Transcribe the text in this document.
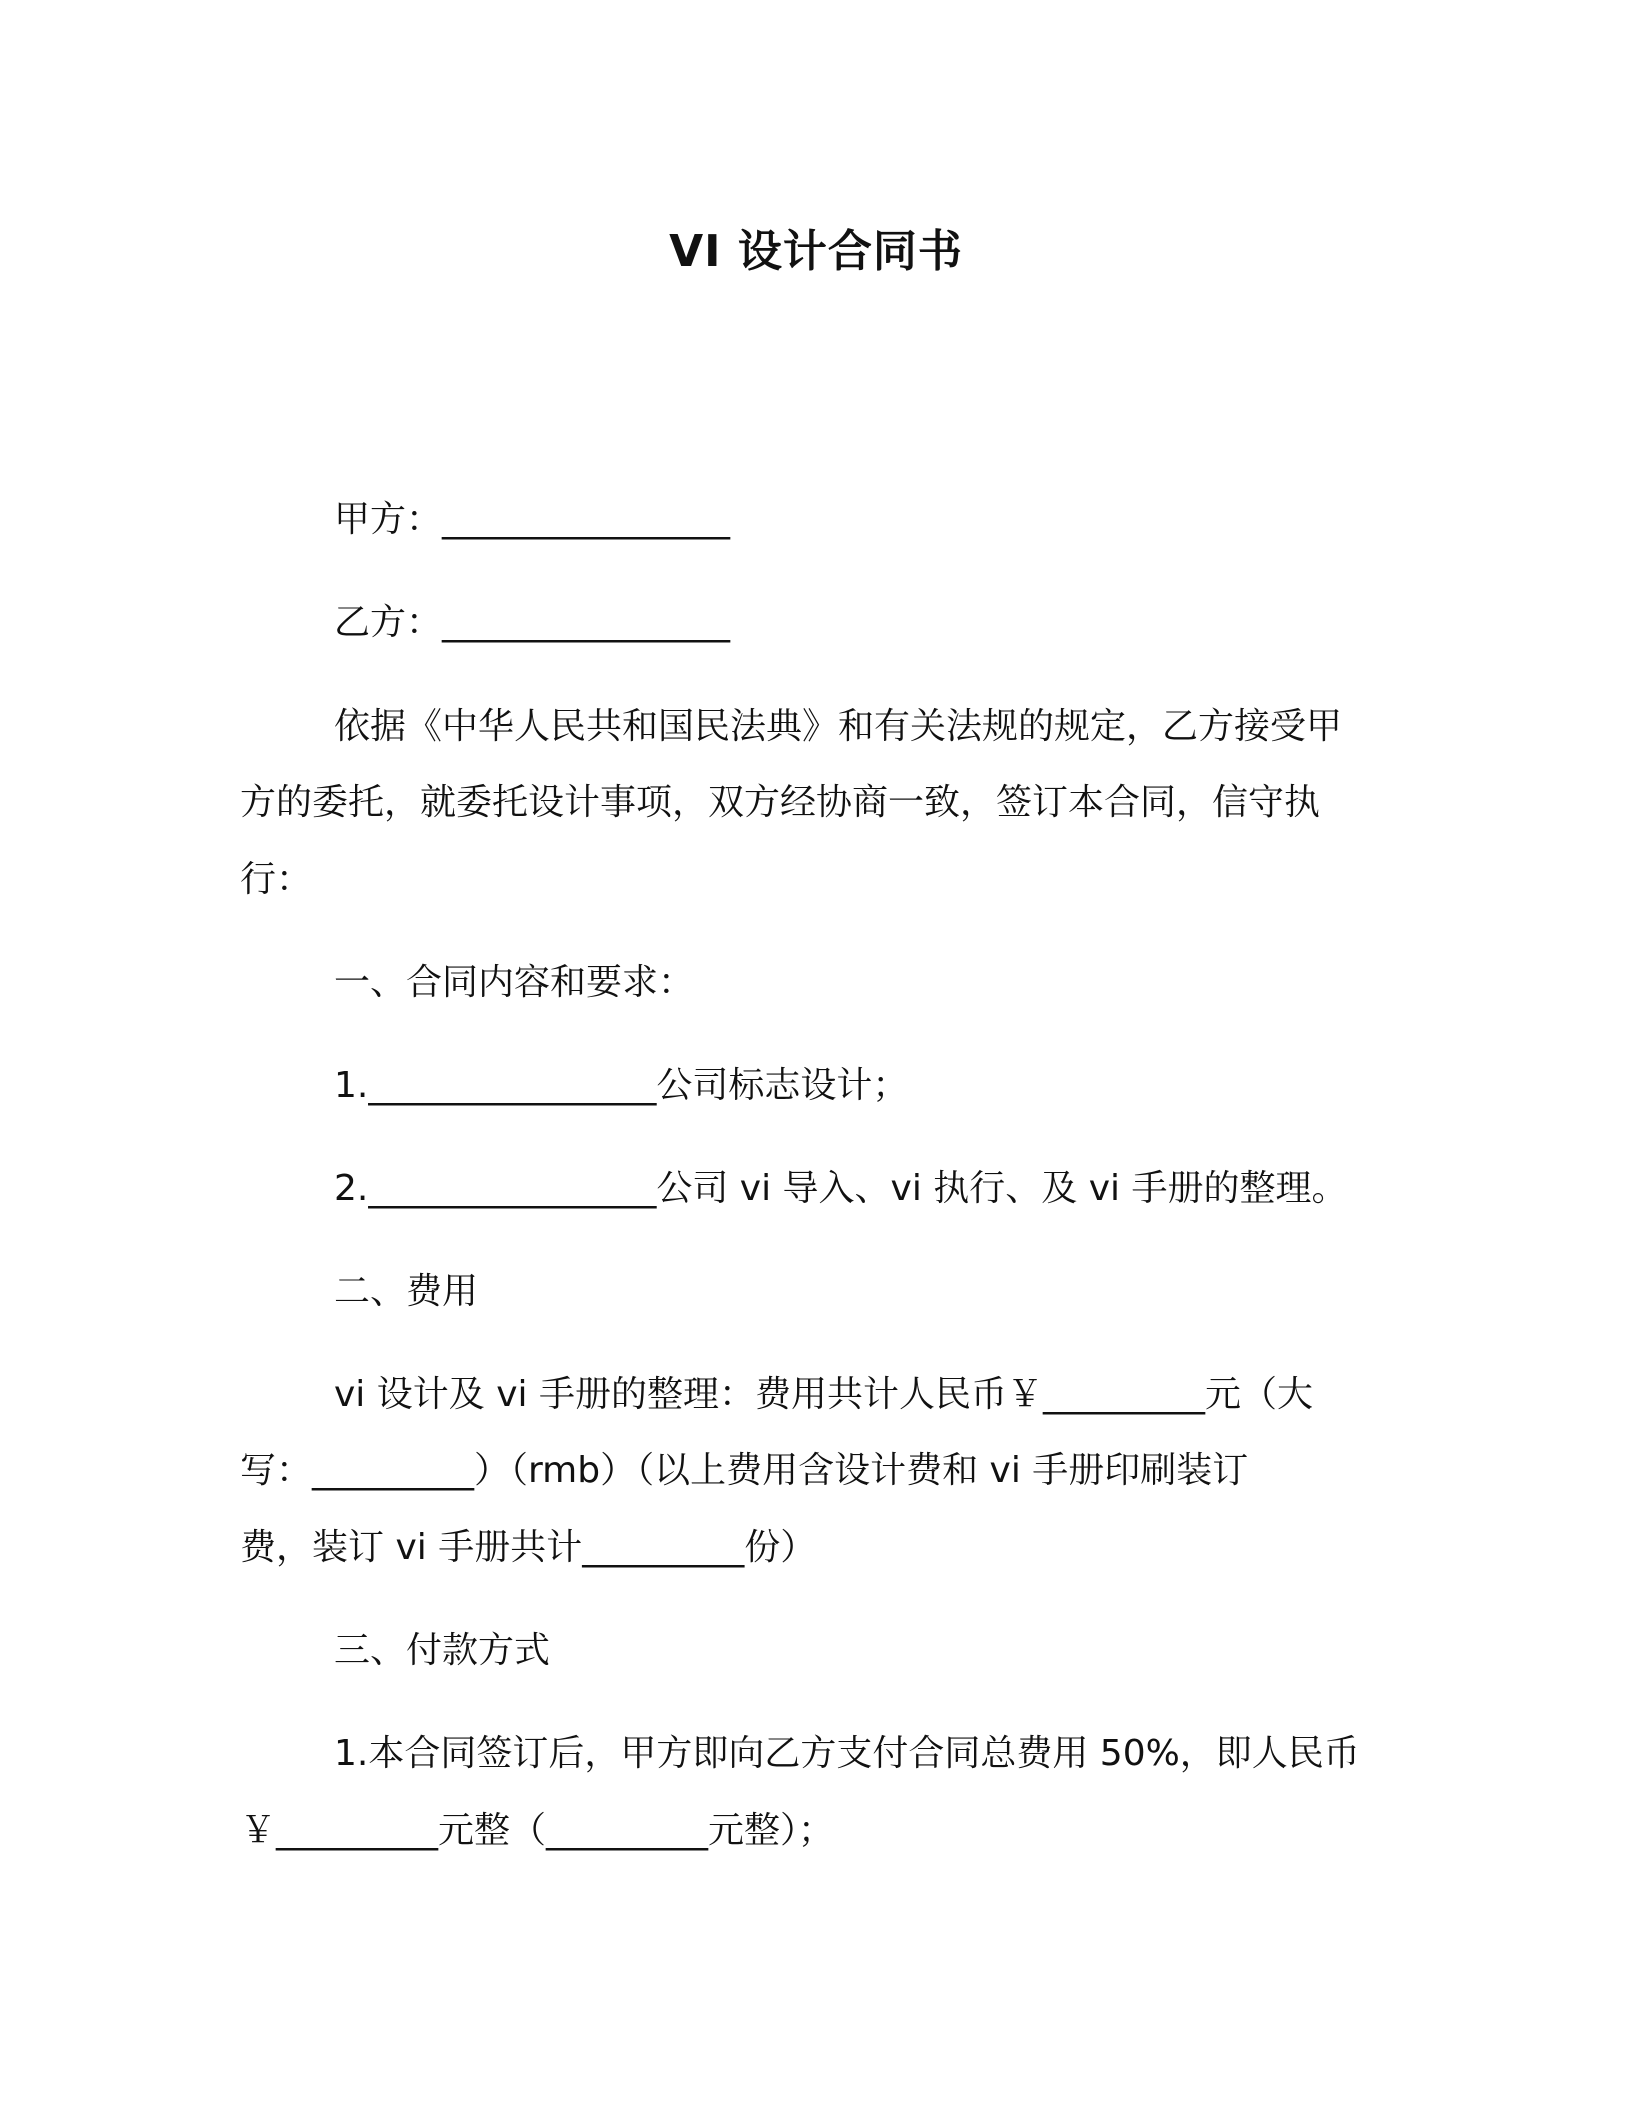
VI 设计合同书
甲方：________________
乙方：________________
依据《中华人民共和国民法典》和有关法规的规定，乙方接受甲
方的委托，就委托设计事项，双方经协商一致，签订本合同，信守执
行：
一、合同内容和要求：
1.________________公司标志设计；
2.________________公司 vi 导入、vi 执行、及 vi 手册的整理。
二、费用
vi 设计及 vi 手册的整理：费用共计人民币￥_________元（大
写：_________）（rmb）（以上费用含设计费和 vi 手册印刷装订
费，装订 vi 手册共计_________份）
三、付款方式
1.本合同签订后，甲方即向乙方支付合同总费用 50%，即人民币
￥_________元整（_________元整）；
